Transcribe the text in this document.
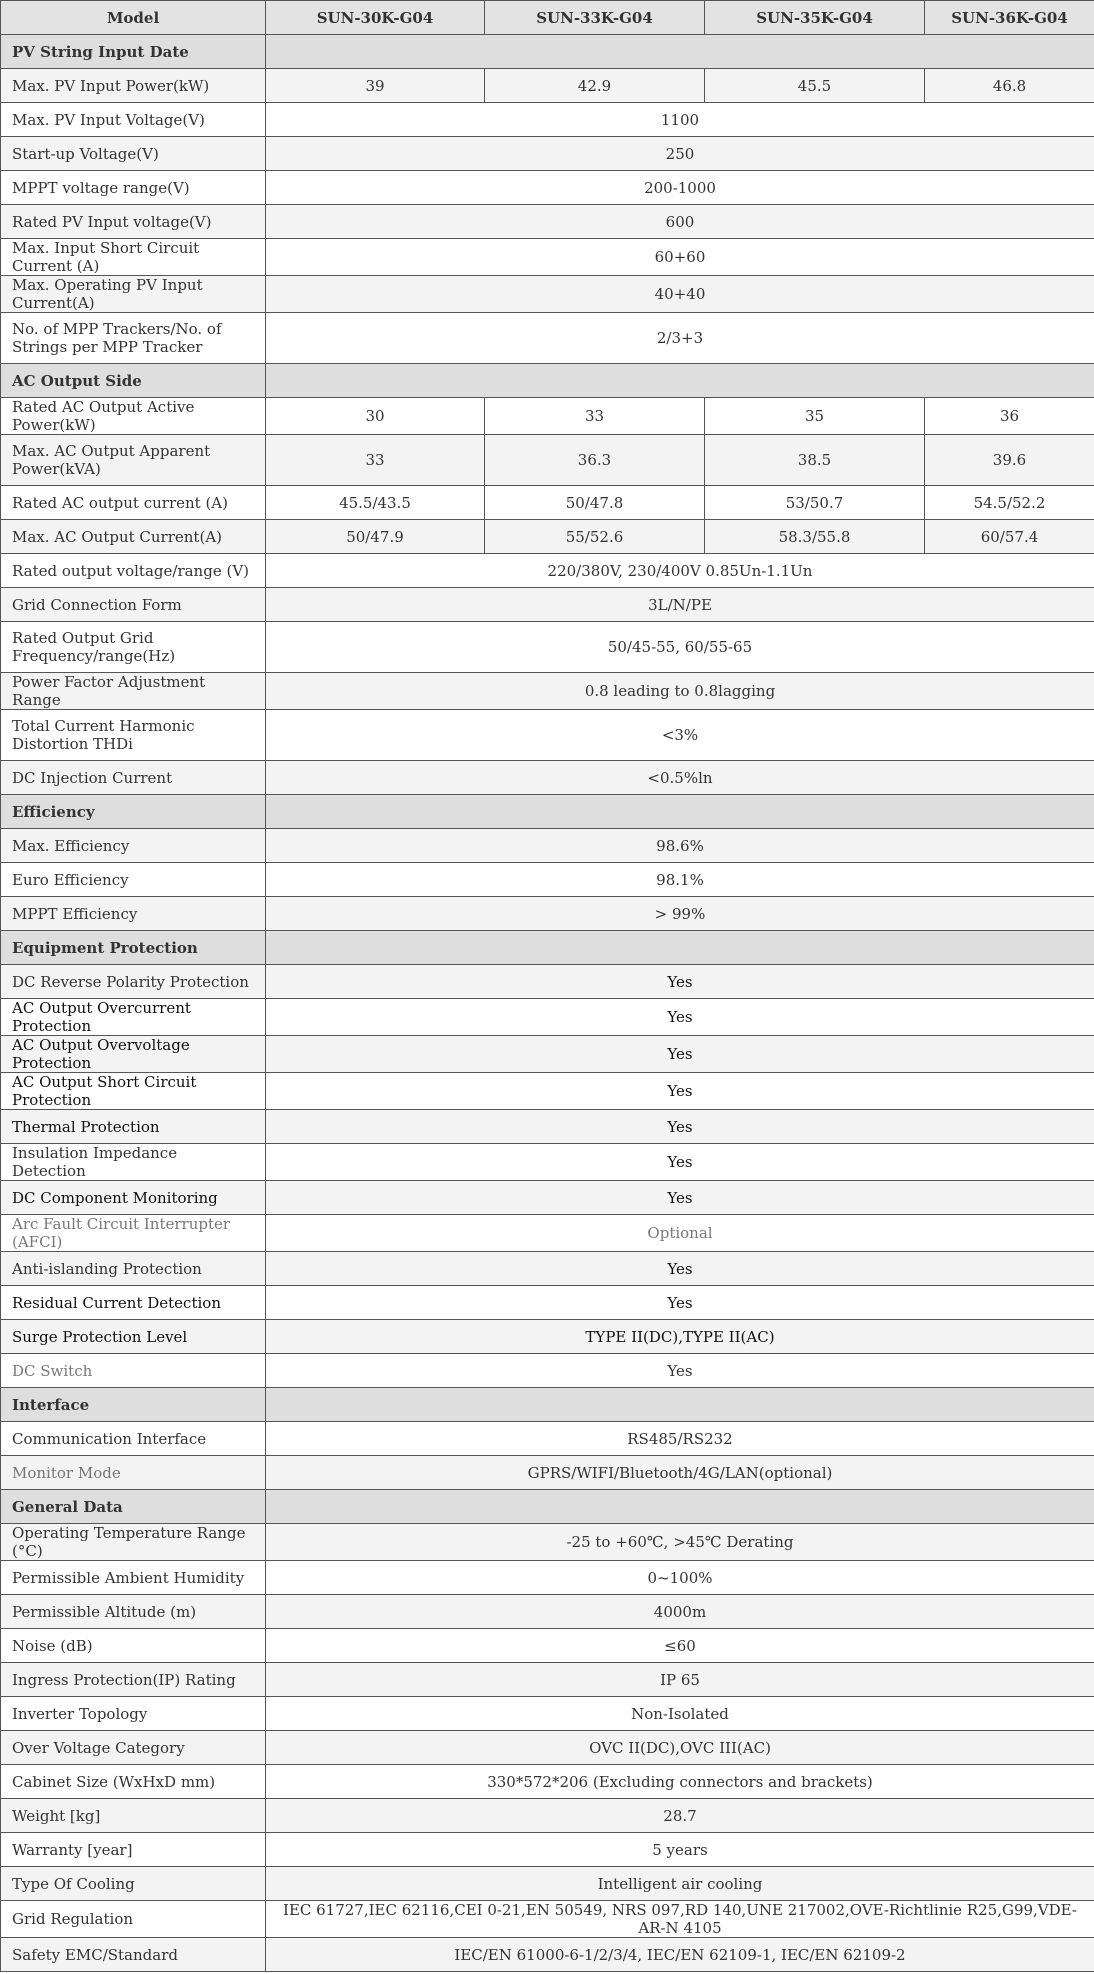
Model	SUN-30K-G04	SUN-33K-G04	SUN-35K-G04	SUN-36K-G04
PV String Input Date				
Max. PV Input Power(kW)	39	42.9	45.5	46.8
Max. PV Input Voltage(V)	1100			
Start-up Voltage(V)	250			
MPPT voltage range(V)	200-1000			
Rated PV Input voltage(V)	600			
Max. Input Short Circuit Current (A)	60+60			
Max. Operating PV Input Current(A)	40+40			
No. of MPP Trackers/No. of Strings per MPP Tracker	2/3+3			
AC Output Side				
Rated AC Output Active Power(kW)	30	33	35	36
Max. AC Output Apparent Power(kVA)	33	36.3	38.5	39.6
Rated AC output current (A)	45.5/43.5	50/47.8	53/50.7	54.5/52.2
Max. AC Output Current(A)	50/47.9	55/52.6	58.3/55.8	60/57.4
Rated output voltage/range (V)	220/380V, 230/400V 0.85Un-1.1Un			
Grid Connection Form	3L/N/PE			
Rated Output Grid Frequency/range(Hz)	50/45-55, 60/55-65			
Power Factor Adjustment Range	0.8 leading to 0.8lagging			
Total Current Harmonic Distortion THDi	<3%			
DC Injection Current	<0.5%ln			
Efficiency				
Max. Efficiency	98.6%			
Euro Efficiency	98.1%			
MPPT Efficiency	> 99%			
Equipment Protection				
DC Reverse Polarity Protection	Yes			
AC Output Overcurrent Protection	Yes			
AC Output Overvoltage Protection	Yes			
AC Output Short Circuit Protection	Yes			
Thermal Protection	Yes			
Insulation Impedance Detection	Yes			
DC Component Monitoring	Yes			
Arc Fault Circuit Interrupter (AFCI)	Optional			
Anti-islanding Protection	Yes			
Residual Current Detection	Yes			
Surge Protection Level	TYPE II(DC),TYPE II(AC)			
DC Switch	Yes			
Interface				
Communication Interface	RS485/RS232			
Monitor Mode	GPRS/WIFI/Bluetooth/4G/LAN(optional)			
General Data				
Operating Temperature Range (°C)	-25 to +60℃, >45℃ Derating			
Permissible Ambient Humidity	0~100%			
Permissible Altitude (m)	4000m			
Noise (dB)	≤60			
Ingress Protection(IP) Rating	IP 65			
Inverter Topology	Non-Isolated			
Over Voltage Category	OVC II(DC),OVC III(AC)			
Cabinet Size (WxHxD mm)	330*572*206 (Excluding connectors and brackets)			
Weight [kg]	28.7			
Warranty [year]	5 years			
Type Of Cooling	Intelligent air cooling			
Grid Regulation	IEC 61727,IEC 62116,CEI 0-21,EN 50549, NRS 097,RD 140,UNE 217002,OVE-Richtlinie R25,G99,VDE-AR-N 4105			
Safety EMC/Standard	IEC/EN 61000-6-1/2/3/4, IEC/EN 62109-1, IEC/EN 62109-2			
